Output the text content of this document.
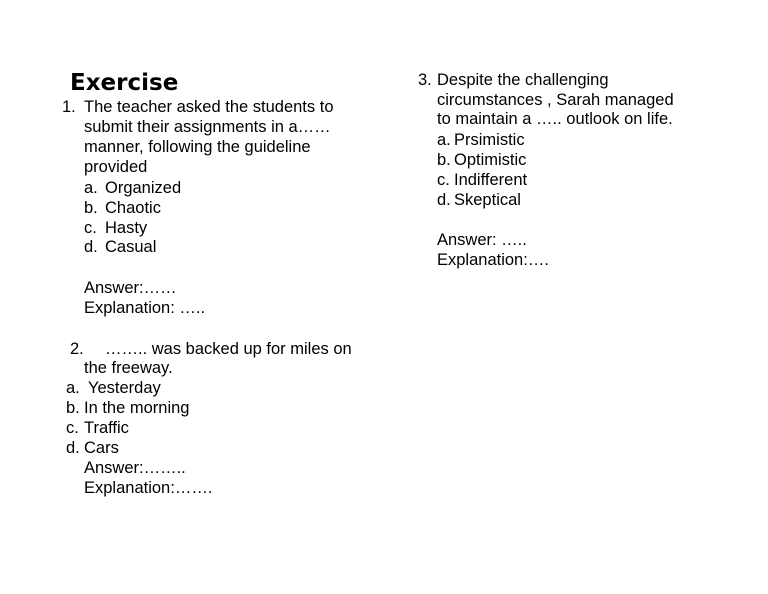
Exercise
1. The teacher asked the students to
submit their assignments in a……
manner, following the guideline
provided
a. Organized
b. Chaotic
c. Hasty
d. Casual
Answer:……
Explanation: …..
2. …….. was backed up for miles on
the freeway.
a. Yesterday
b. In the morning
c. Traffic
d. Cars
Answer:……..
Explanation:…….
3. Despite the challenging
circumstances , Sarah managed
to maintain a ….. outlook on life.
a. Prsimistic
b. Optimistic
c. Indifferent
d. Skeptical
Answer: …..
Explanation:….
